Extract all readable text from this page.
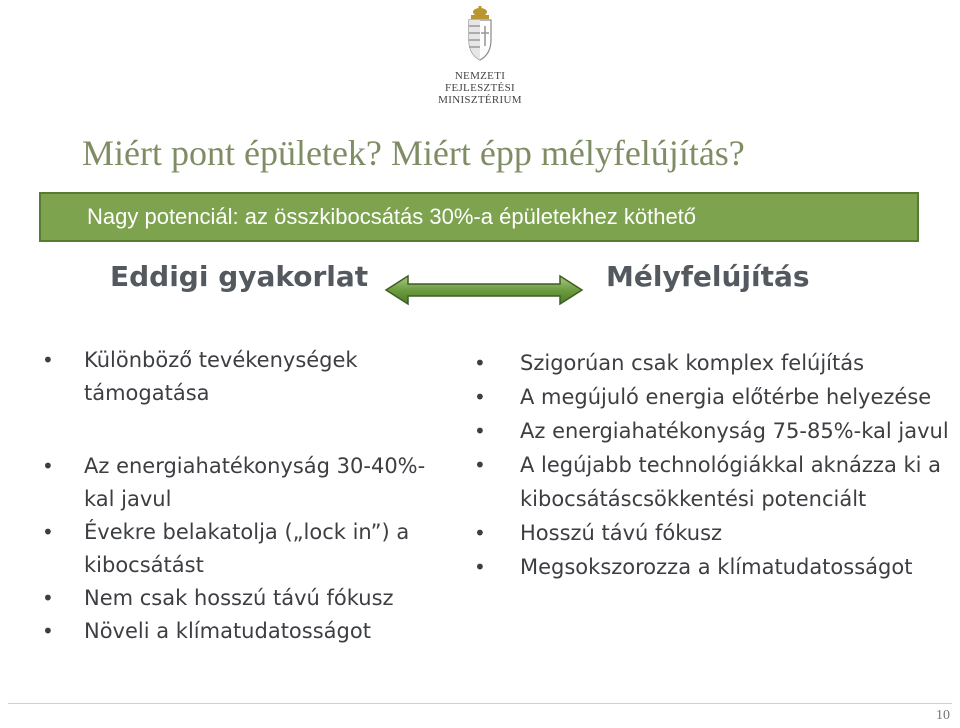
NEMZETI FEJLESZTÉSI
MINISZTÉRIUM
Miért pont épületek? Miért épp mélyfelújítás?
Nagy potenciál: az összkibocsátás 30%-a épületekhez köthető
Eddigi gyakorlat	Mélyfelújítás
• Különböző tevékenységek támogatása
• Az energiahatékonyság 30-40%-kal javul
• Évekre belakatolja („lock in”) a kibocsátást
• Nem csak hosszú távú fókusz
• Növeli a klímatudatosságot
• Szigorúan csak komplex felújítás
• A megújuló energia előtérbe helyezése
• Az energiahatékonyság 75-85%-kal javul
• A legújabb technológiákkal aknázza ki a kibocsátáscsökkentési potenciált
• Hosszú távú fókusz
• Megsokszorozza a klímatudatosságot
10
